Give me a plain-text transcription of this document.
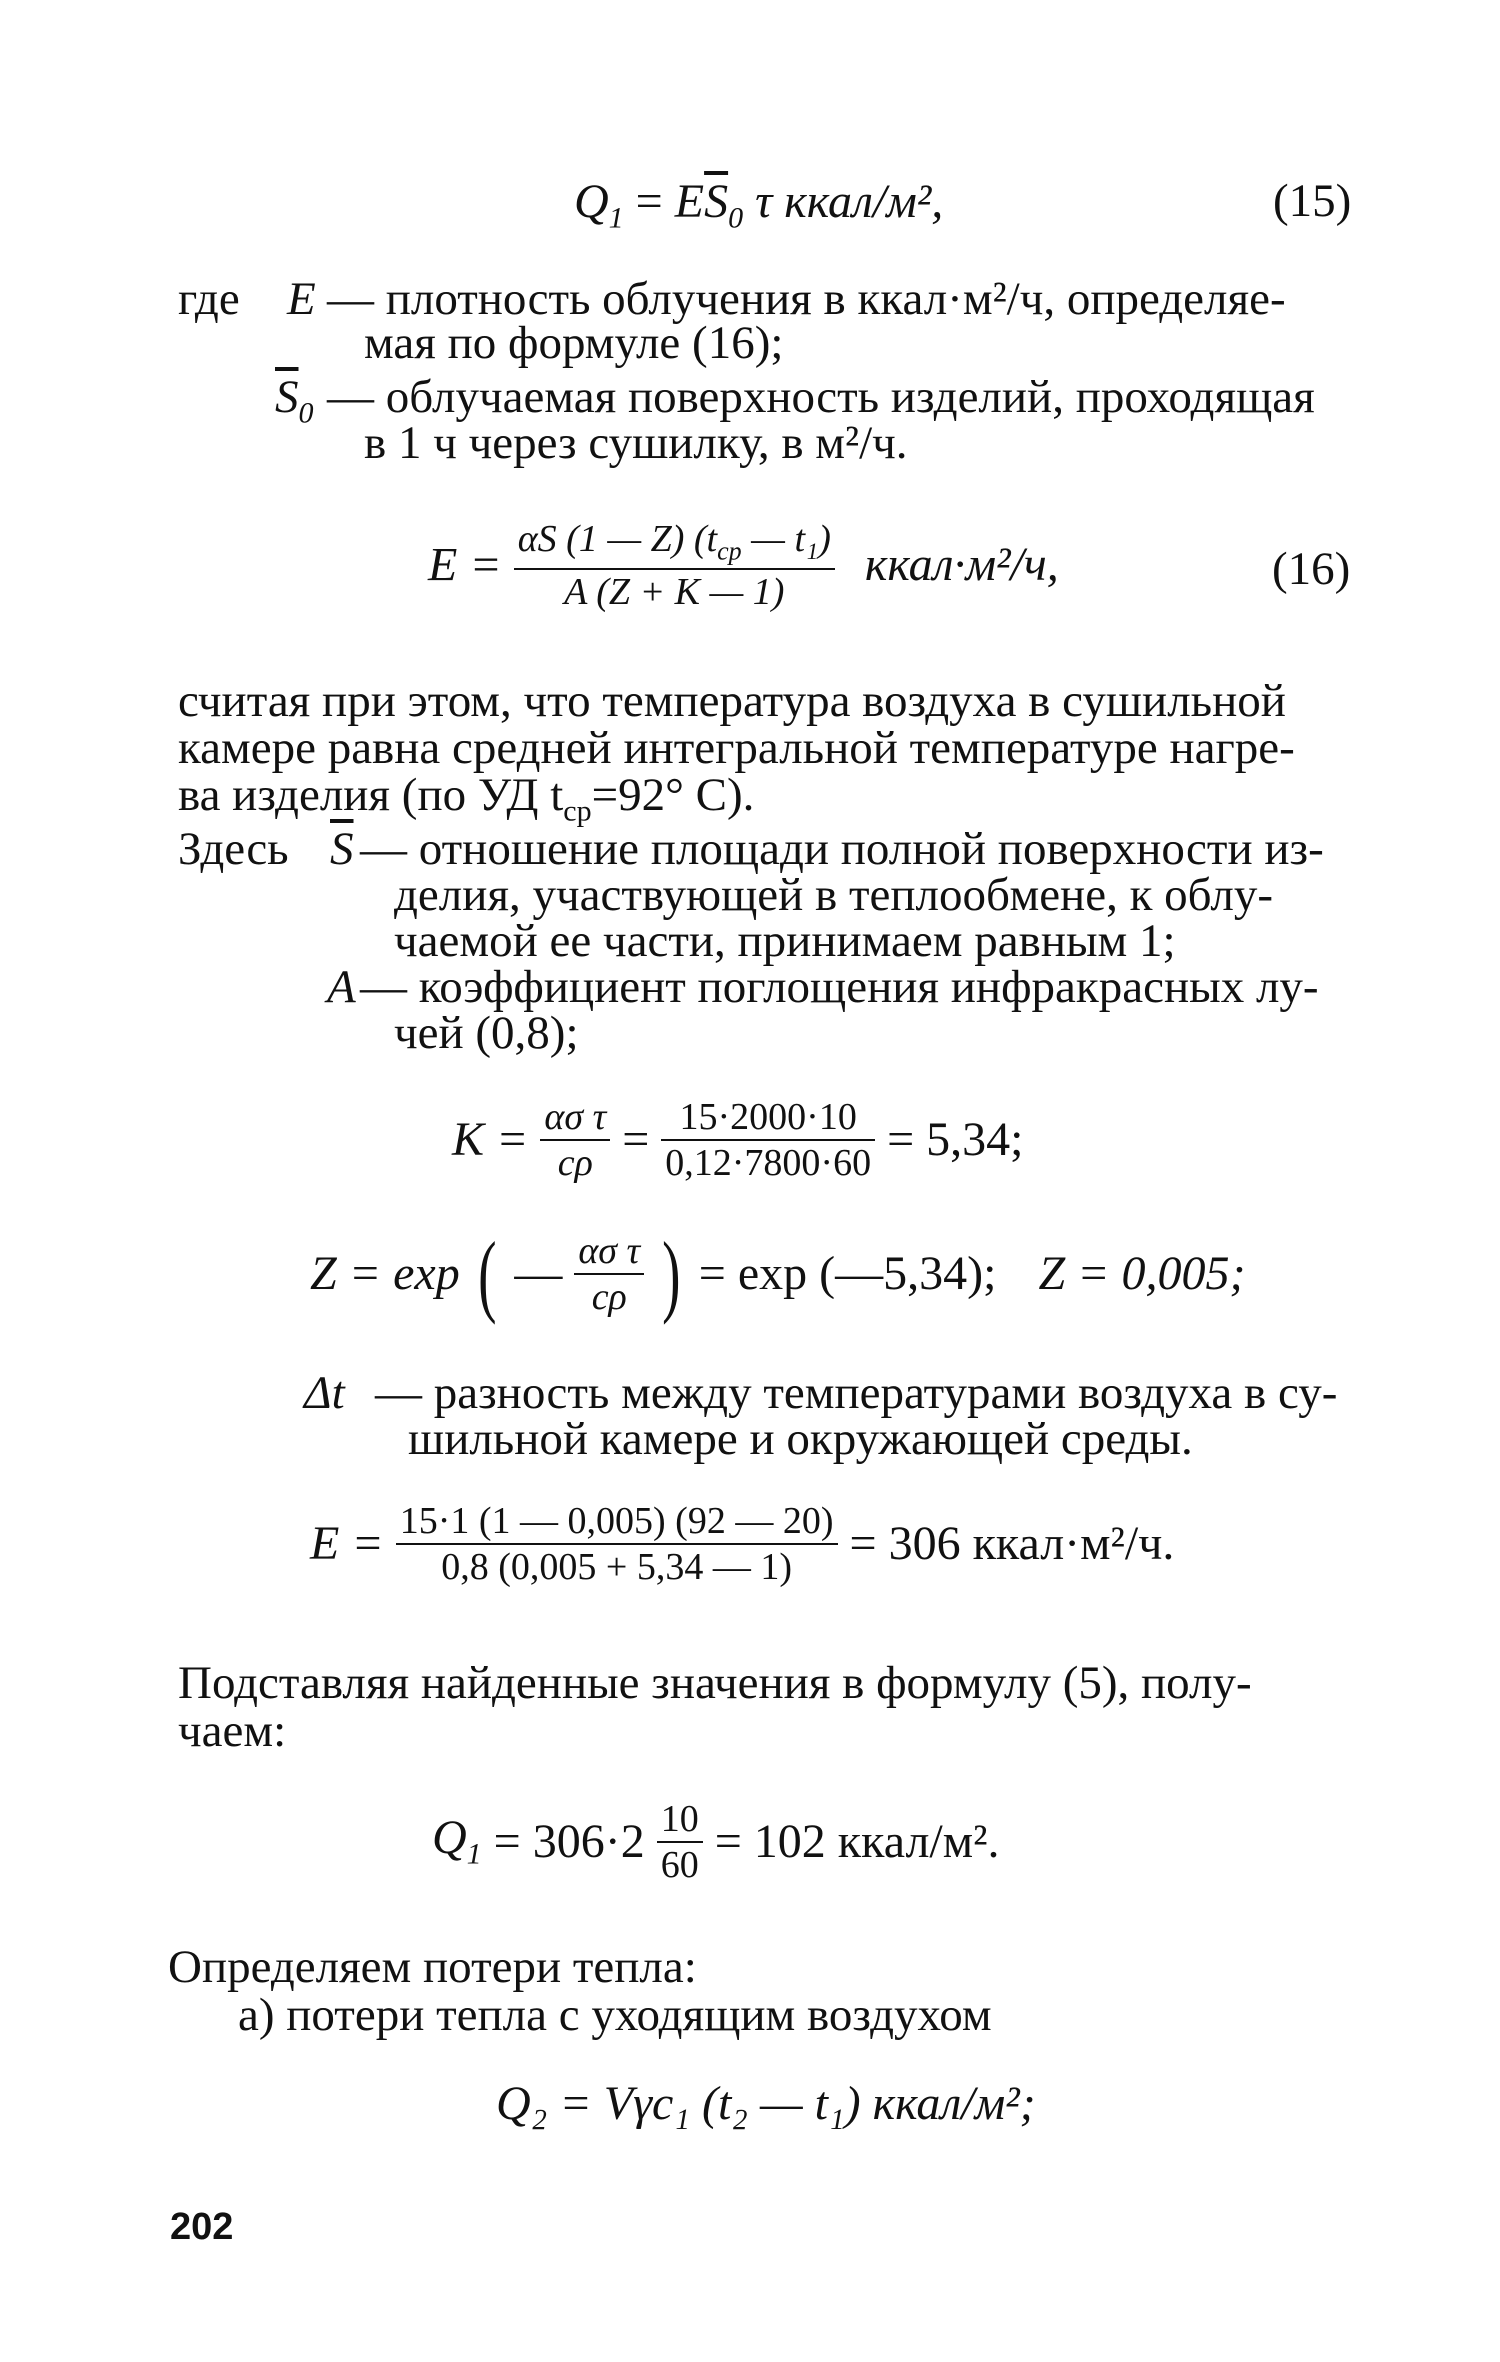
$Q_1 = E\overline{S}_0$ τ ккал/м²,	(15)
где E — плотность облучения в ккал·м²/ч, определяе-
мая по формуле (16);
$\overline{S}_0$ — облучаемая поверхность изделий, проходящая
в 1 ч через сушилку, в м²/ч.
$E = \frac{\alpha S (1 — Z) (t_{ср} — t_1)}{A (Z + K — 1)}$ ккал·м²/ч,	(16)
считая при этом, что температура воздуха в сушильной
камере равна средней интегральной температуре нагре-
ва изделия (по УД $t_{ср}=92^\circ$ С).
Здесь $\overline{S}$ — отношение площади полной поверхности из-
делия, участвующей в теплообмене, к облу-
чаемой ее части, принимаем равным 1;
A — коэффициент поглощения инфракрасных лу-
чей (0,8);
$K = \frac{\text{ασ τ}}{c\rho} = \frac{15\cdot 2000\cdot 10}{0,12\cdot 7800\cdot 60} = 5,34$;
Z = exp ( — $\frac{\text{ασ τ}}{c\rho}$ ) = exp (—5,34); Z = 0,005;
Δt — разность между температурами воздуха в су-
шильной камере и окружающей среды.
$E = \frac{15\cdot 1 (1 — 0,005) (92 — 20)}{0,8 (0,005 + 5,34 — 1)} = 306$ ккал·м²/ч.
Подставляя найденные значения в формулу (5), полу-
чаем:
$Q_1 = 306\cdot 2 \frac{10}{60} = 102$ ккал/м².
Определяем потери тепла:
а) потери тепла с уходящим воздухом
Q₂ = Vγc₁ (t₂ — t₁) ккал/м²;
202
